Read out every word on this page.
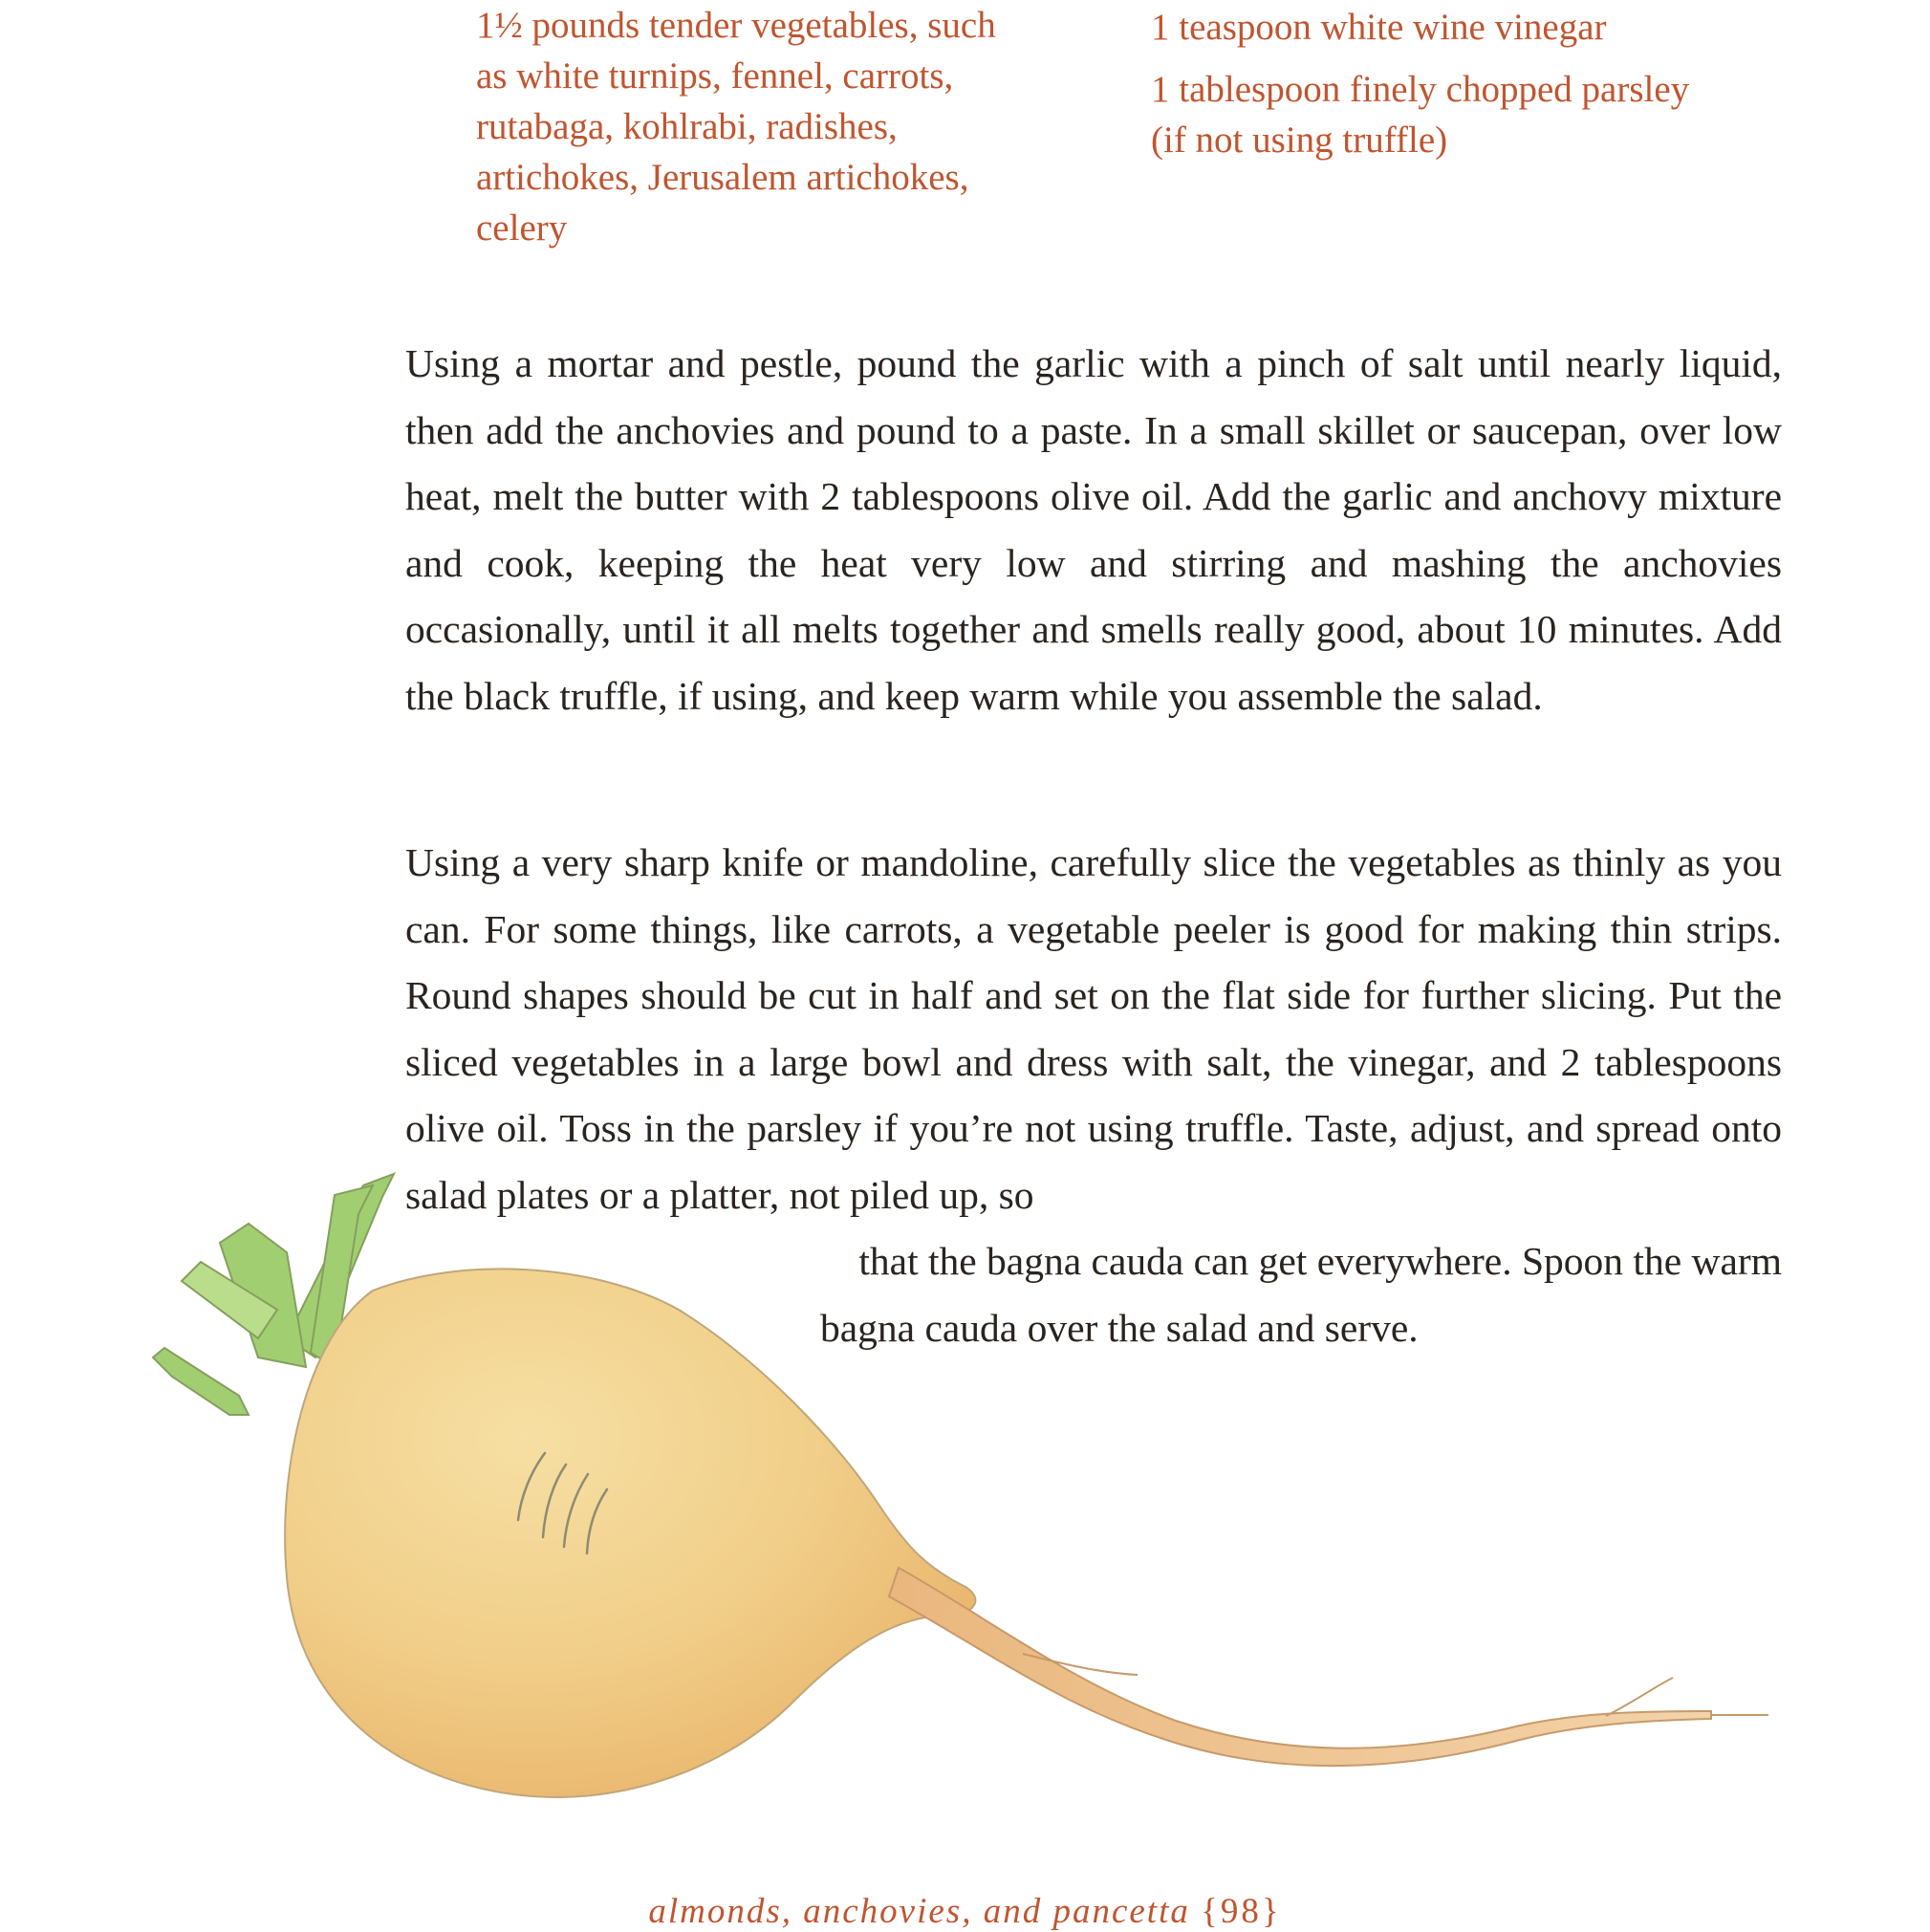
1½ pounds tender vegetables, such as white turnips, fennel, carrots, rutabaga, kohlrabi, radishes, artichokes, Jerusalem artichokes, celery

1 teaspoon white wine vinegar

1 tablespoon finely chopped parsley (if not using truffle)

Using a mortar and pestle, pound the garlic with a pinch of salt until nearly liquid, then add the anchovies and pound to a paste. In a small skillet or saucepan, over low heat, melt the butter with 2 tablespoons olive oil. Add the garlic and anchovy mixture and cook, keeping the heat very low and stirring and mashing the anchovies occasionally, until it all melts together and smells really good, about 10 minutes. Add the black truffle, if using, and keep warm while you assemble the salad.

Using a very sharp knife or mandoline, carefully slice the vegetables as thinly as you can. For some things, like carrots, a vegetable peeler is good for making thin strips. Round shapes should be cut in half and set on the flat side for further slicing. Put the sliced vegetables in a large bowl and dress with salt, the vinegar, and 2 tablespoons olive oil. Toss in the parsley if you’re not using truffle. Taste, adjust, and spread onto salad plates or a platter, not piled up, so

that the bagna cauda can get everywhere. Spoon the warm
bagna cauda over the salad and serve.
almonds, anchovies, and pancetta {98}
